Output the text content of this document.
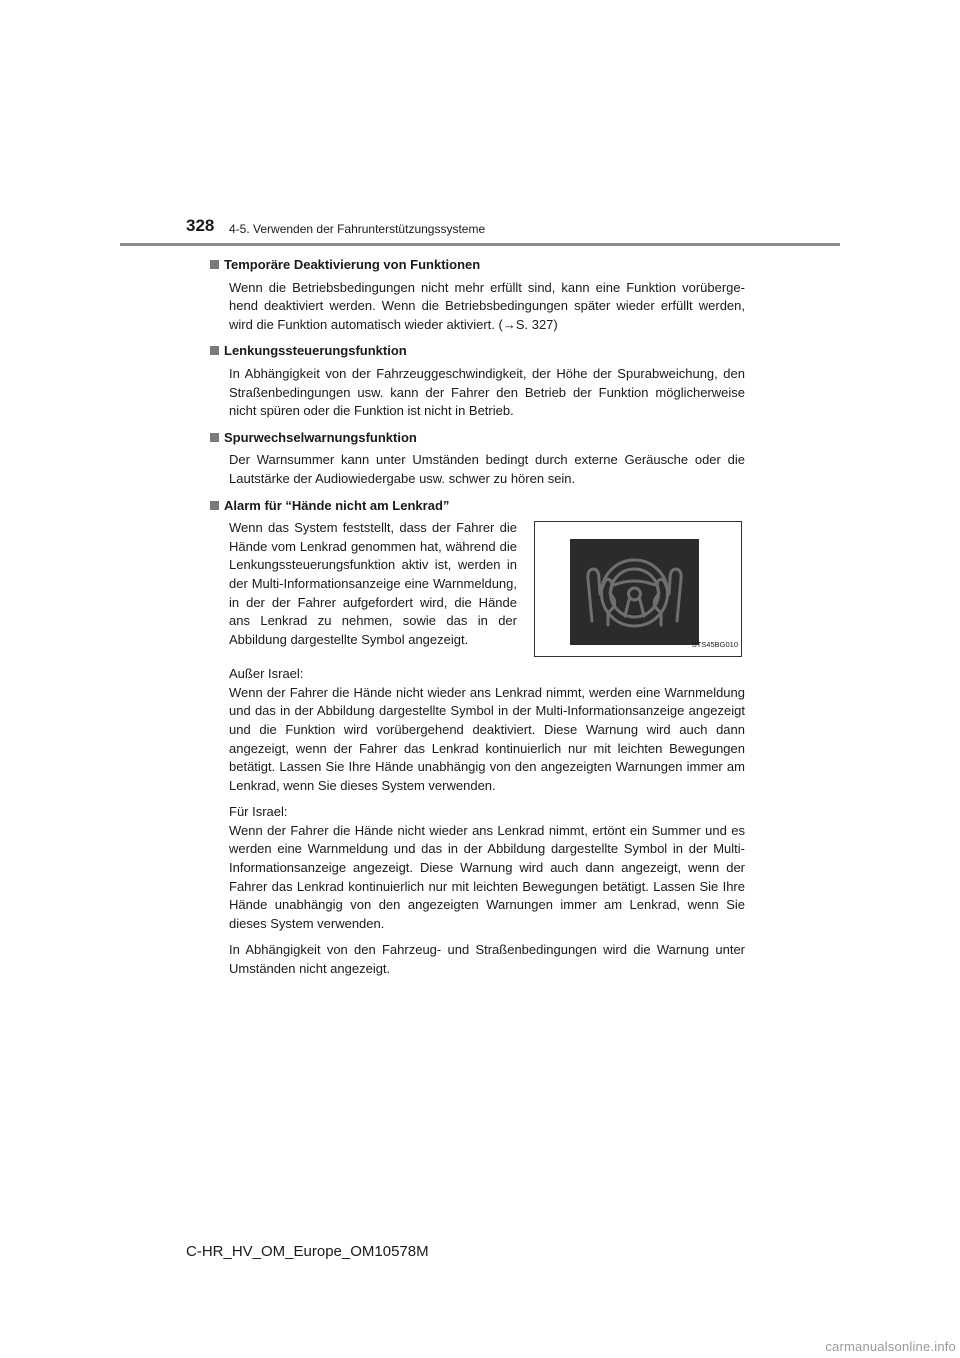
328 4-5. Verwenden der Fahrunterstützungssysteme
Temporäre Deaktivierung von Funktionen

Wenn die Betriebsbedingungen nicht mehr erfüllt sind, kann eine Funktion vorübergehend deaktiviert werden. Wenn die Betriebsbedingungen später wieder erfüllt werden, wird die Funktion automatisch wieder aktiviert. (→S. 327)

Lenkungssteuerungsfunktion

In Abhängigkeit von der Fahrzeuggeschwindigkeit, der Höhe der Spurabweichung, den Straßenbedingungen usw. kann der Fahrer den Betrieb der Funktion möglicherweise nicht spüren oder die Funktion ist nicht in Betrieb.

Spurwechselwarnungsfunktion

Der Warnsummer kann unter Umständen bedingt durch externe Geräusche oder die Lautstärke der Audiowiedergabe usw. schwer zu hören sein.

Alarm für “Hände nicht am Lenkrad”
Wenn das System feststellt, dass der Fahrer die Hände vom Lenkrad genommen hat, während die Lenkungssteuerungsfunktion aktiv ist, werden in der Multi-Informationsanzeige eine Warnmeldung, in der der Fahrer aufgefordert wird, die Hände ans Lenkrad zu nehmen, sowie das in der Abbildung dargestellte Symbol angezeigt.	STS45BG010

Außer Israel:

Wenn der Fahrer die Hände nicht wieder ans Lenkrad nimmt, werden eine Warnmeldung und das in der Abbildung dargestellte Symbol in der Multi-Informationsanzeige angezeigt und die Funktion wird vorübergehend deaktiviert. Diese Warnung wird auch dann angezeigt, wenn der Fahrer das Lenkrad kontinuierlich nur mit leichten Bewegungen betätigt. Lassen Sie Ihre Hände unabhängig von den angezeigten Warnungen immer am Lenkrad, wenn Sie dieses System verwenden.

Für Israel:

Wenn der Fahrer die Hände nicht wieder ans Lenkrad nimmt, ertönt ein Summer und es werden eine Warnmeldung und das in der Abbildung dargestellte Symbol in der Multi-Informationsanzeige angezeigt. Diese Warnung wird auch dann angezeigt, wenn der Fahrer das Lenkrad kontinuierlich nur mit leichten Bewegungen betätigt. Lassen Sie Ihre Hände unabhängig von den angezeigten Warnungen immer am Lenkrad, wenn Sie dieses System verwenden.

In Abhängigkeit von den Fahrzeug- und Straßenbedingungen wird die Warnung unter Umständen nicht angezeigt.

C-HR_HV_OM_Europe_OM10578M
carmanualsonline.info
